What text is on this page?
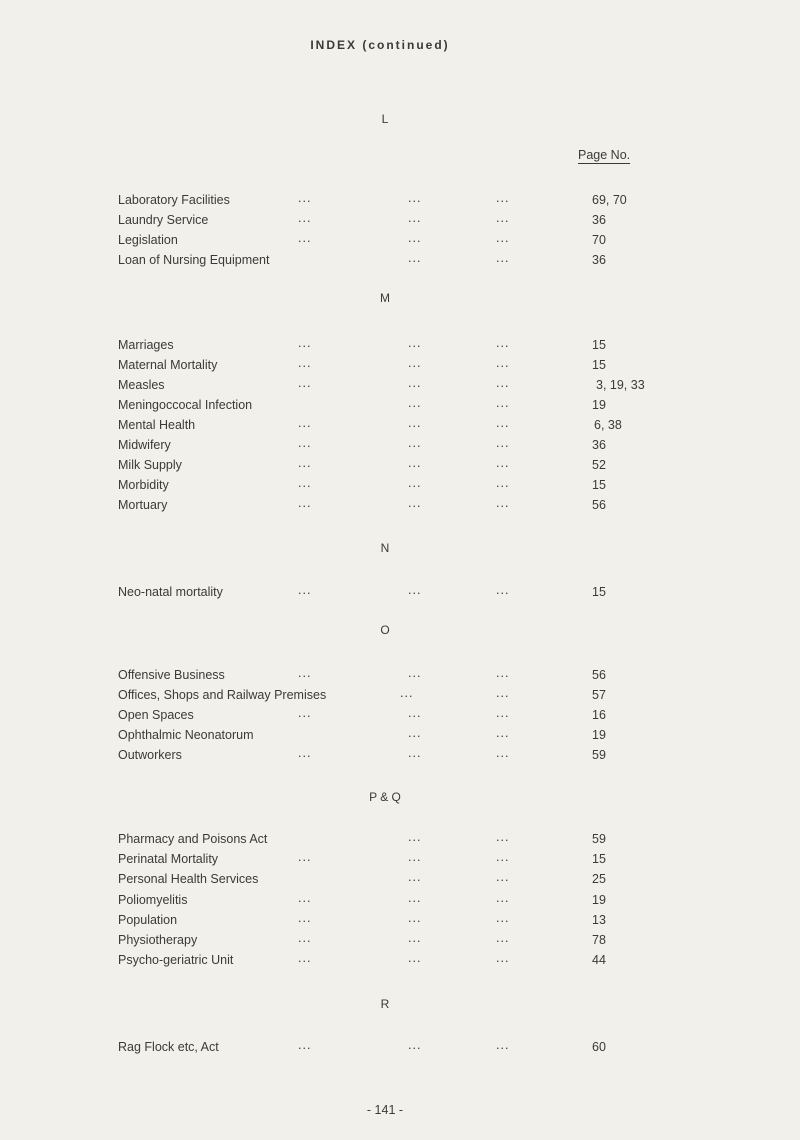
INDEX (continued)
L
Page No.
Laboratory Facilities	...	...	...	69, 70
Laundry Service	...	...	...	36
Legislation	...	...	...	70
Loan of Nursing Equipment	...	...	36
M
Marriages	...	...	...	15
Maternal Mortality	...	...	...	15
Measles	...	...	...	3, 19, 33
Meningoccocal Infection	...	...	19
Mental Health	...	...	...	6, 38
Midwifery	...	...	...	36
Milk Supply	...	...	...	52
Morbidity	...	...	...	15
Mortuary	...	...	...	56
N
Neo-natal mortality	...	...	...	15
O
Offensive Business	...	...	...	56
Offices, Shops and Railway Premises	...	...	57
Open Spaces	...	...	...	16
Ophthalmic Neonatorum	...	...	19
Outworkers	...	...	...	59
P & Q
Pharmacy and Poisons Act	...	...	59
Perinatal Mortality	...	...	...	15
Personal Health Services	...	...	25
Poliomyelitis	...	...	...	19
Population	...	...	...	13
Physiotherapy	...	...	...	78
Psycho-geriatric Unit	...	...	...	44
R
Rag Flock etc, Act	...	...	...	60
- 141 -
